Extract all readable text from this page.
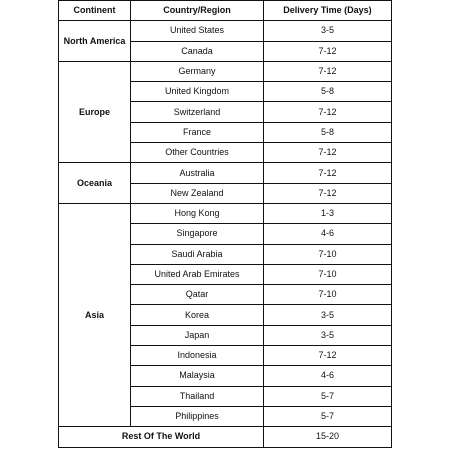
Continent	Country/Region	Delivery Time (Days)
North America	United States	3-5
	Canada	7-12
Europe	Germany	7-12
	United Kingdom	5-8
	Switzerland	7-12
	France	5-8
	Other Countries	7-12
Oceania	Australia	7-12
	New Zealand	7-12
Asia	Hong Kong	1-3
	Singapore	4-6
	Saudi Arabia	7-10
	United Arab Emirates	7-10
	Qatar	7-10
	Korea	3-5
	Japan	3-5
	Indonesia	7-12
	Malaysia	4-6
	Thailand	5-7
	Philippines	5-7
Rest Of The World		15-20
